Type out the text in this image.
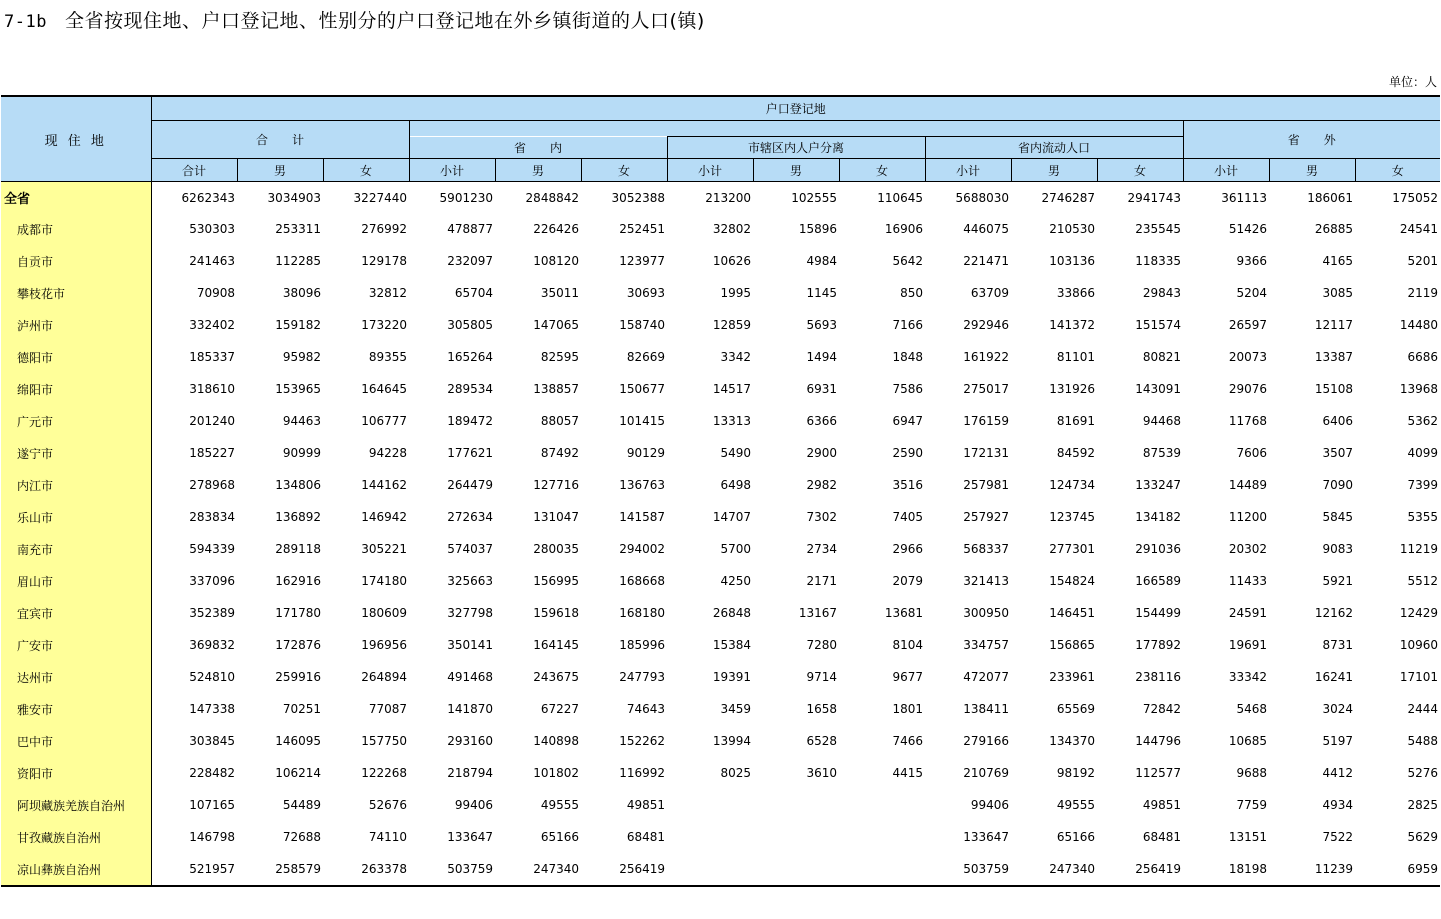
7-1b 全省按现住地、户口登记地、性别分的户口登记地在外乡镇街道的人口(镇)
单位：人
现 住 地	户口登记地														
	合　　计												省　　外		
				省　　内			市辖区内人户分离			省内流动人口					
	合计	男	女	小计	男	女	小计	男	女	小计	男	女	小计	男	女
全省	6262343	3034903	3227440	5901230	2848842	3052388	213200	102555	110645	5688030	2746287	2941743	361113	186061	175052
成都市	530303	253311	276992	478877	226426	252451	32802	15896	16906	446075	210530	235545	51426	26885	24541
自贡市	241463	112285	129178	232097	108120	123977	10626	4984	5642	221471	103136	118335	9366	4165	5201
攀枝花市	70908	38096	32812	65704	35011	30693	1995	1145	850	63709	33866	29843	5204	3085	2119
泸州市	332402	159182	173220	305805	147065	158740	12859	5693	7166	292946	141372	151574	26597	12117	14480
德阳市	185337	95982	89355	165264	82595	82669	3342	1494	1848	161922	81101	80821	20073	13387	6686
绵阳市	318610	153965	164645	289534	138857	150677	14517	6931	7586	275017	131926	143091	29076	15108	13968
广元市	201240	94463	106777	189472	88057	101415	13313	6366	6947	176159	81691	94468	11768	6406	5362
遂宁市	185227	90999	94228	177621	87492	90129	5490	2900	2590	172131	84592	87539	7606	3507	4099
内江市	278968	134806	144162	264479	127716	136763	6498	2982	3516	257981	124734	133247	14489	7090	7399
乐山市	283834	136892	146942	272634	131047	141587	14707	7302	7405	257927	123745	134182	11200	5845	5355
南充市	594339	289118	305221	574037	280035	294002	5700	2734	2966	568337	277301	291036	20302	9083	11219
眉山市	337096	162916	174180	325663	156995	168668	4250	2171	2079	321413	154824	166589	11433	5921	5512
宜宾市	352389	171780	180609	327798	159618	168180	26848	13167	13681	300950	146451	154499	24591	12162	12429
广安市	369832	172876	196956	350141	164145	185996	15384	7280	8104	334757	156865	177892	19691	8731	10960
达州市	524810	259916	264894	491468	243675	247793	19391	9714	9677	472077	233961	238116	33342	16241	17101
雅安市	147338	70251	77087	141870	67227	74643	3459	1658	1801	138411	65569	72842	5468	3024	2444
巴中市	303845	146095	157750	293160	140898	152262	13994	6528	7466	279166	134370	144796	10685	5197	5488
资阳市	228482	106214	122268	218794	101802	116992	8025	3610	4415	210769	98192	112577	9688	4412	5276
阿坝藏族羌族自治州	107165	54489	52676	99406	49555	49851				99406	49555	49851	7759	4934	2825
甘孜藏族自治州	146798	72688	74110	133647	65166	68481				133647	65166	68481	13151	7522	5629
凉山彝族自治州	521957	258579	263378	503759	247340	256419				503759	247340	256419	18198	11239	6959
